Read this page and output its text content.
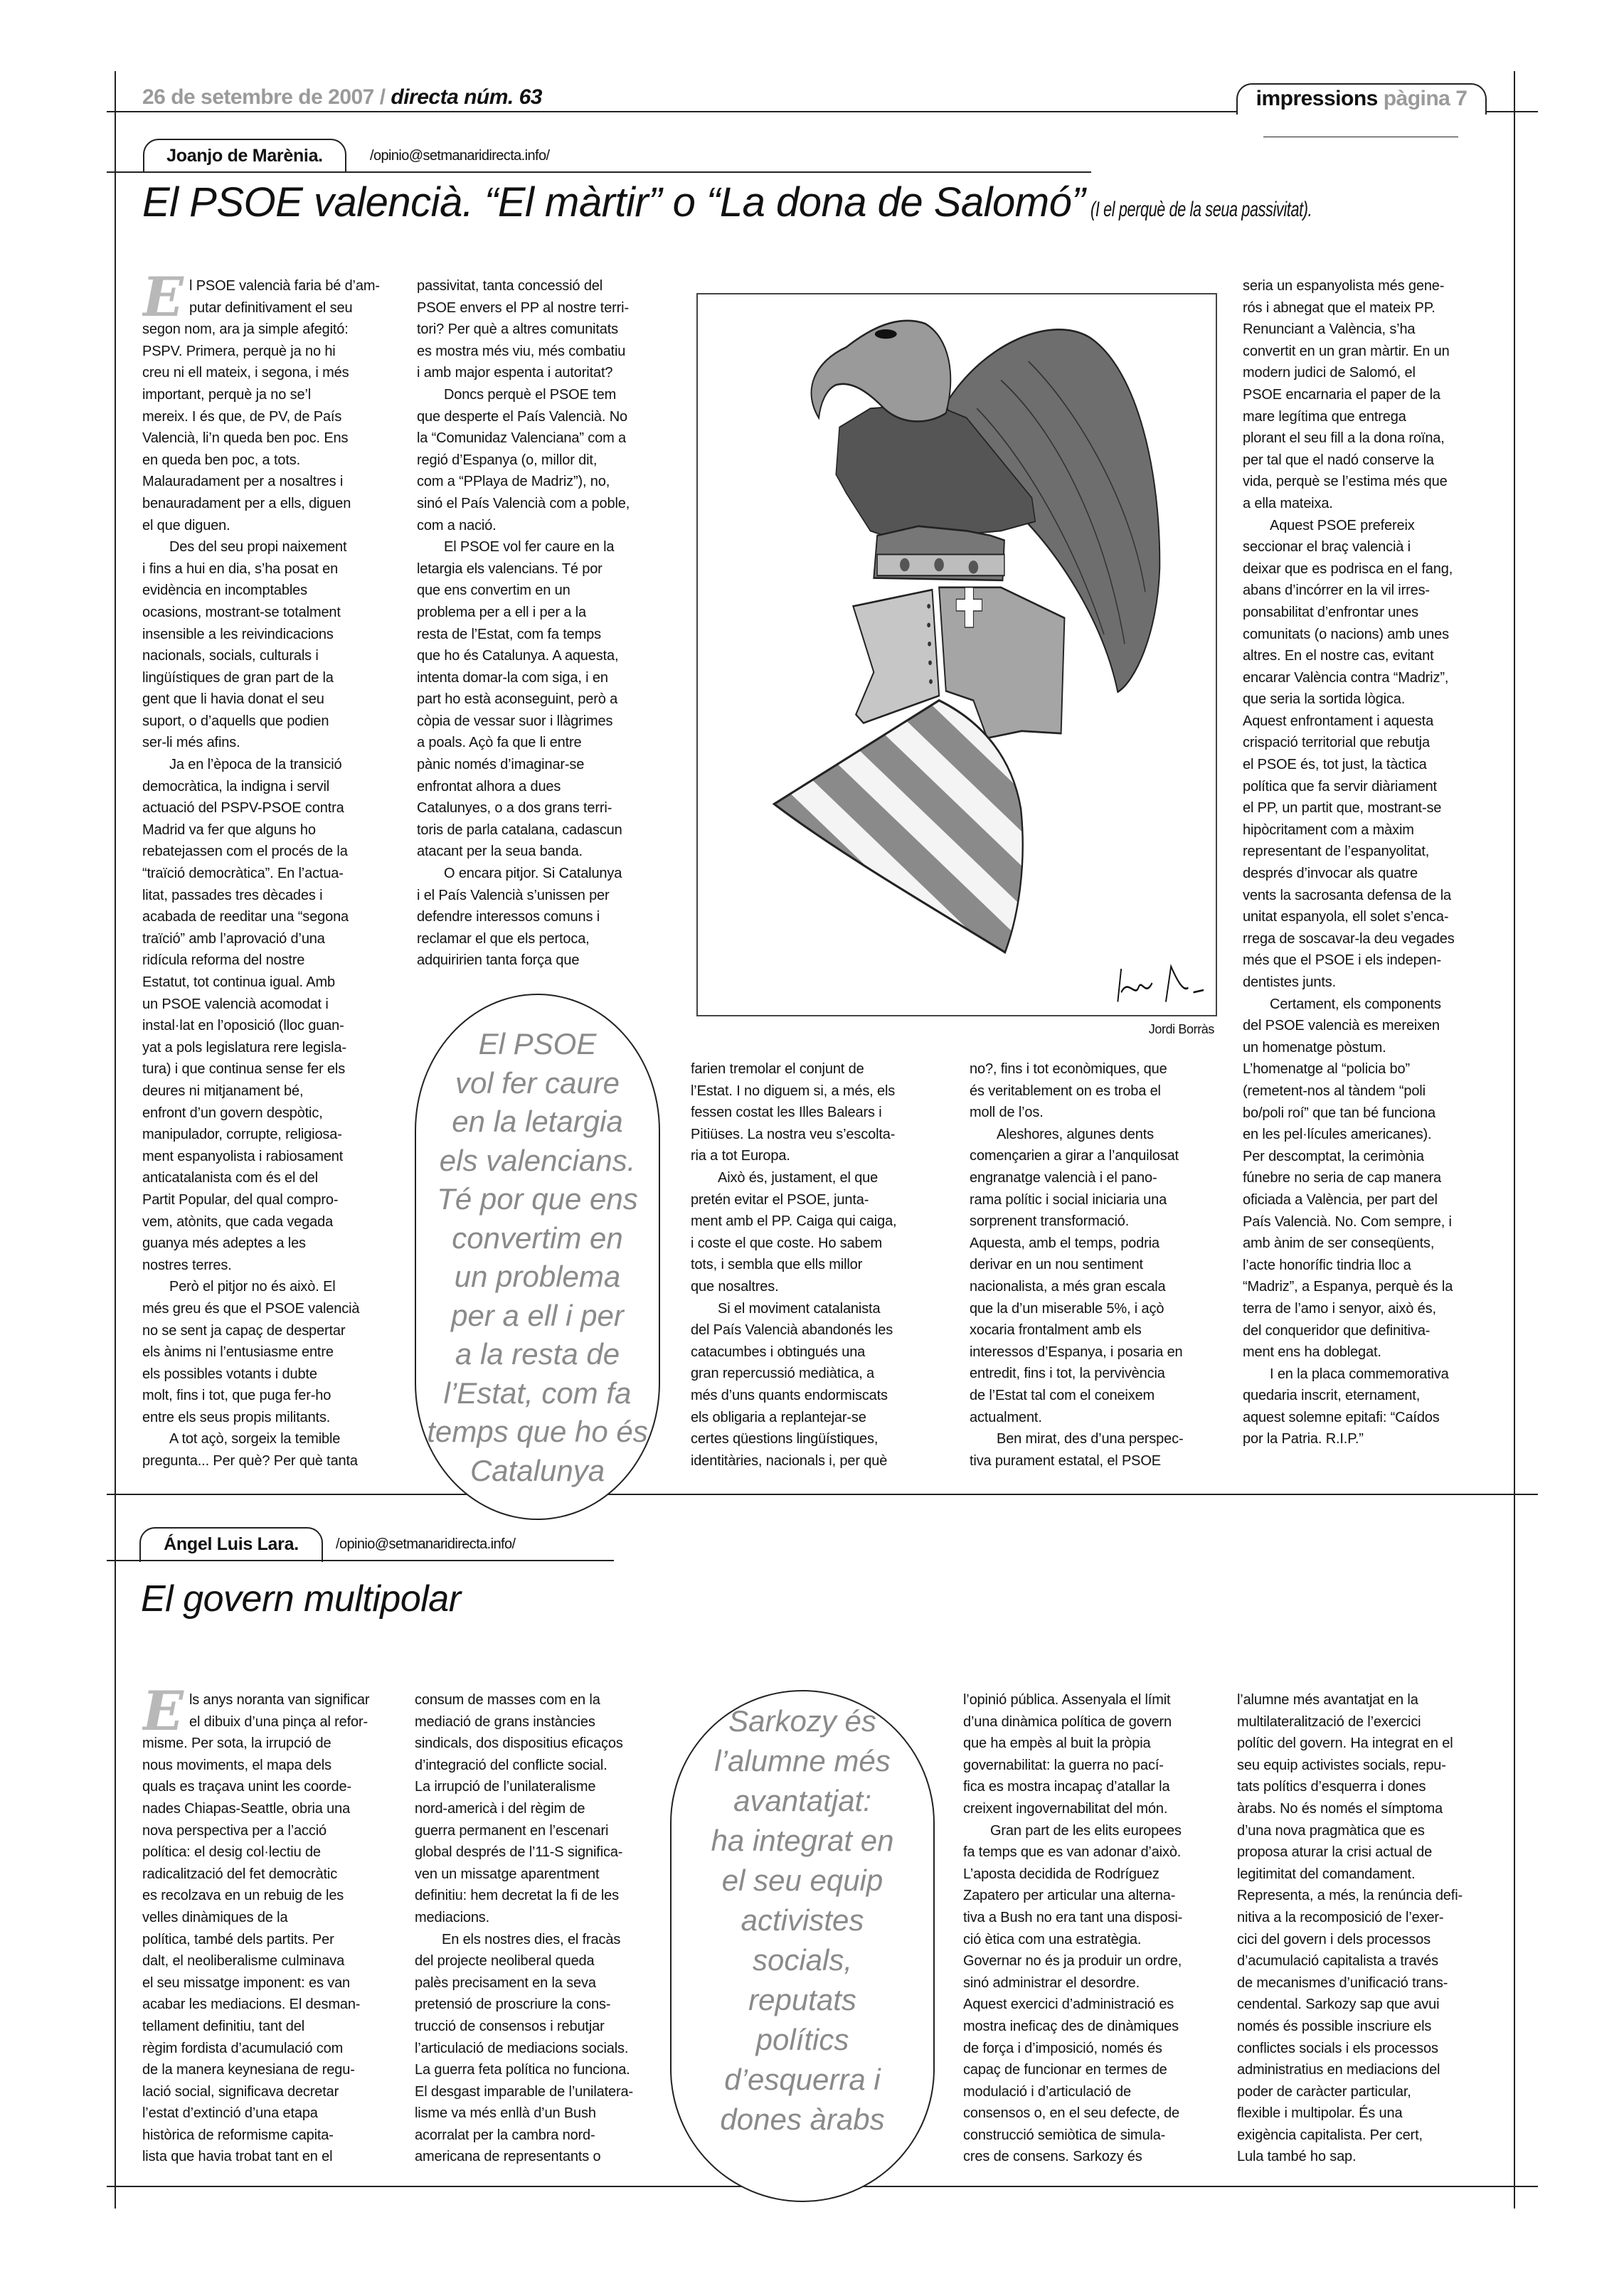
26 de setembre de 2007 / directa núm. 63	impressions pàgina 7
Joanjo de Marènia.	/opinio@setmanaridirecta.info/
El PSOE valencià. “El màrtir” o “La dona de Salomó” (I el perquè de la seua passivitat).
E l PSOE valencià faria bé d’am-
putar definitivament el seu
segon nom, ara ja simple afegitó:
PSPV. Primera, perquè ja no hi
creu ni ell mateix, i segona, i més
important, perquè ja no se’l
mereix. I és que, de PV, de País
Valencià, li’n queda ben poc. Ens
en queda ben poc, a tots.
Malauradament per a nosaltres i
benauradament per a ells, diguen
el que diguen.
Des del seu propi naixement
i fins a hui en dia, s’ha posat en
evidència en incomptables
ocasions, mostrant-se totalment
insensible a les reivindicacions
nacionals, socials, culturals i
lingüístiques de gran part de la
gent que li havia donat el seu
suport, o d’aquells que podien
ser-li més afins.
Ja en l’època de la transició
democràtica, la indigna i servil
actuació del PSPV-PSOE contra
Madrid va fer que alguns ho
rebatejassen com el procés de la
“traïció democràtica”. En l’actua-
litat, passades tres dècades i
acabada de reeditar una “segona
traïció” amb l’aprovació d’una
ridícula reforma del nostre
Estatut, tot continua igual. Amb
un PSOE valencià acomodat i
instal·lat en l’oposició (lloc guan-
yat a pols legislatura rere legisla-
tura) i que continua sense fer els
deures ni mitjanament bé,
enfront d’un govern despòtic,
manipulador, corrupte, religiosa-
ment espanyolista i rabiosament
anticatalanista com és el del
Partit Popular, del qual compro-
vem, atònits, que cada vegada
guanya més adeptes a les
nostres terres.
Però el pitjor no és això. El
més greu és que el PSOE valencià
no se sent ja capaç de despertar
els ànims ni l’entusiasme entre
els possibles votants i dubte
molt, fins i tot, que puga fer-ho
entre els seus propis militants.
A tot açò, sorgeix la temible
pregunta... Per què? Per què tanta
passivitat, tanta concessió del
PSOE envers el PP al nostre terri-
tori? Per què a altres comunitats
es mostra més viu, més combatiu
i amb major espenta i autoritat?
Doncs perquè el PSOE tem
que desperte el País Valencià. No
la “Comunidaz Valenciana” com a
regió d’Espanya (o, millor dit,
com a “PPlaya de Madriz”), no,
sinó el País Valencià com a poble,
com a nació.
El PSOE vol fer caure en la
letargia els valencians. Té por
que ens convertim en un
problema per a ell i per a la
resta de l’Estat, com fa temps
que ho és Catalunya. A aquesta,
intenta domar-la com siga, i en
part ho està aconseguint, però a
còpia de vessar suor i llàgrimes
a poals. Açò fa que li entre
pànic només d’imaginar-se
enfrontat alhora a dues
Catalunyes, o a dos grans terri-
toris de parla catalana, cadascun
atacant per la seua banda.
O encara pitjor. Si Catalunya
i el País Valencià s’unissen per
defendre interessos comuns i
reclamar el que els pertoca,
adquiririen tanta força que
farien tremolar el conjunt de
l’Estat. I no diguem si, a més, els
fessen costat les Illes Balears i
Pitiüses. La nostra veu s’escolta-
ria a tot Europa.
Això és, justament, el que
pretén evitar el PSOE, junta-
ment amb el PP. Caiga qui caiga,
i coste el que coste. Ho sabem
tots, i sembla que ells millor
que nosaltres.
Si el moviment catalanista
del País Valencià abandonés les
catacumbes i obtingués una
gran repercussió mediàtica, a
més d’uns quants endormiscats
els obligaria a replantejar-se
certes qüestions lingüístiques,
identitàries, nacionals i, per què
no?, fins i tot econòmiques, que
és veritablement on es troba el
moll de l’os.
Aleshores, algunes dents
començarien a girar a l’anquilosat
engranatge valencià i el pano-
rama polític i social iniciaria una
sorprenent transformació.
Aquesta, amb el temps, podria
derivar en un nou sentiment
nacionalista, a més gran escala
que la d’un miserable 5%, i açò
xocaria frontalment amb els
interessos d’Espanya, i posaria en
entredit, fins i tot, la pervivència
de l’Estat tal com el coneixem
actualment.
Ben mirat, des d’una perspec-
tiva purament estatal, el PSOE
seria un espanyolista més gene-
rós i abnegat que el mateix PP.
Renunciant a València, s’ha
convertit en un gran màrtir. En un
modern judici de Salomó, el
PSOE encarnaria el paper de la
mare legítima que entrega
plorant el seu fill a la dona roïna,
per tal que el nadó conserve la
vida, perquè se l’estima més que
a ella mateixa.
Aquest PSOE prefereix
seccionar el braç valencià i
deixar que es podrisca en el fang,
abans d’incórrer en la vil irres-
ponsabilitat d’enfrontar unes
comunitats (o nacions) amb unes
altres. En el nostre cas, evitant
encarar València contra “Madriz”,
que seria la sortida lògica.
Aquest enfrontament i aquesta
crispació territorial que rebutja
el PSOE és, tot just, la tàctica
política que fa servir diàriament
el PP, un partit que, mostrant-se
hipòcritament com a màxim
representant de l’espanyolitat,
després d’invocar als quatre
vents la sacrosanta defensa de la
unitat espanyola, ell solet s’enca-
rrega de soscavar-la deu vegades
més que el PSOE i els indepen-
dentistes junts.
Certament, els components
del PSOE valencià es mereixen
un homenatge pòstum.
L’homenatge al “policia bo”
(remetent-nos al tàndem “poli
bo/poli roí” que tan bé funciona
en les pel·lícules americanes).
Per descomptat, la cerimònia
fúnebre no seria de cap manera
oficiada a València, per part del
País Valencià. No. Com sempre, i
amb ànim de ser conseqüents,
l’acte honorífic tindria lloc a
“Madriz”, a Espanya, perquè és la
terra de l’amo i senyor, això és,
del conqueridor que definitiva-
ment ens ha doblegat.
I en la placa commemorativa
quedaria inscrit, eternament,
aquest solemne epitafi: “Caídos
por la Patria. R.I.P.”
El PSOE
vol fer caure
en la letargia
els valencians.
Té por que ens
convertim en
un problema
per a ell i per
a la resta de
l’Estat, com fa
temps que ho és
Catalunya
Jordi Borràs
Ángel Luis Lara.	/opinio@setmanaridirecta.info/
El govern multipolar
E ls anys noranta van significar
el dibuix d’una pinça al refor-
misme. Per sota, la irrupció de
nous moviments, el mapa dels
quals es traçava unint les coorde-
nades Chiapas-Seattle, obria una
nova perspectiva per a l’acció
política: el desig col·lectiu de
radicalització del fet democràtic
es recolzava en un rebuig de les
velles dinàmiques de la
política, també dels partits. Per
dalt, el neoliberalisme culminava
el seu missatge imponent: es van
acabar les mediacions. El desman-
tellament definitiu, tant del
règim fordista d’acumulació com
de la manera keynesiana de regu-
lació social, significava decretar
l’estat d’extinció d’una etapa
històrica de reformisme capita-
lista que havia trobat tant en el
consum de masses com en la
mediació de grans instàncies
sindicals, dos dispositius eficaços
d’integració del conflicte social.
La irrupció de l’unilateralisme
nord-americà i del règim de
guerra permanent en l’escenari
global després de l’11-S significa-
ven un missatge aparentment
definitiu: hem decretat la fi de les
mediacions.
En els nostres dies, el fracàs
del projecte neoliberal queda
palès precisament en la seva
pretensió de proscriure la cons-
trucció de consensos i rebutjar
l’articulació de mediacions socials.
La guerra feta política no funciona.
El desgast imparable de l’unilatera-
lisme va més enllà d’un Bush
acorralat per la cambra nord-
americana de representants o
l’opinió pública. Assenyala el límit
d’una dinàmica política de govern
que ha empès al buit la pròpia
governabilitat: la guerra no pací-
fica es mostra incapaç d’atallar la
creixent ingovernabilitat del món.
Gran part de les elits europees
fa temps que es van adonar d’això.
L’aposta decidida de Rodríguez
Zapatero per articular una alterna-
tiva a Bush no era tant una disposi-
ció ètica com una estratègia.
Governar no és ja produir un ordre,
sinó administrar el desordre.
Aquest exercici d’administració es
mostra ineficaç des de dinàmiques
de força i d’imposició, només és
capaç de funcionar en termes de
modulació i d’articulació de
consensos o, en el seu defecte, de
construcció semiòtica de simula-
cres de consens. Sarkozy és
l’alumne més avantatjat en la
multilateralització de l’exercici
polític del govern. Ha integrat en el
seu equip activistes socials, repu-
tats polítics d’esquerra i dones
àrabs. No és només el símptoma
d’una nova pragmàtica que es
proposa aturar la crisi actual de
legitimitat del comandament.
Representa, a més, la renúncia defi-
nitiva a la recomposició de l’exer-
cici del govern i dels processos
d’acumulació capitalista a través
de mecanismes d’unificació trans-
cendental. Sarkozy sap que avui
només és possible inscriure els
conflictes socials i els processos
administratius en mediacions del
poder de caràcter particular,
flexible i multipolar. És una
exigència capitalista. Per cert,
Lula també ho sap.
Sarkozy és
l’alumne més
avantatjat:
ha integrat en
el seu equip
activistes
socials,
reputats
polítics
d’esquerra i
dones àrabs
